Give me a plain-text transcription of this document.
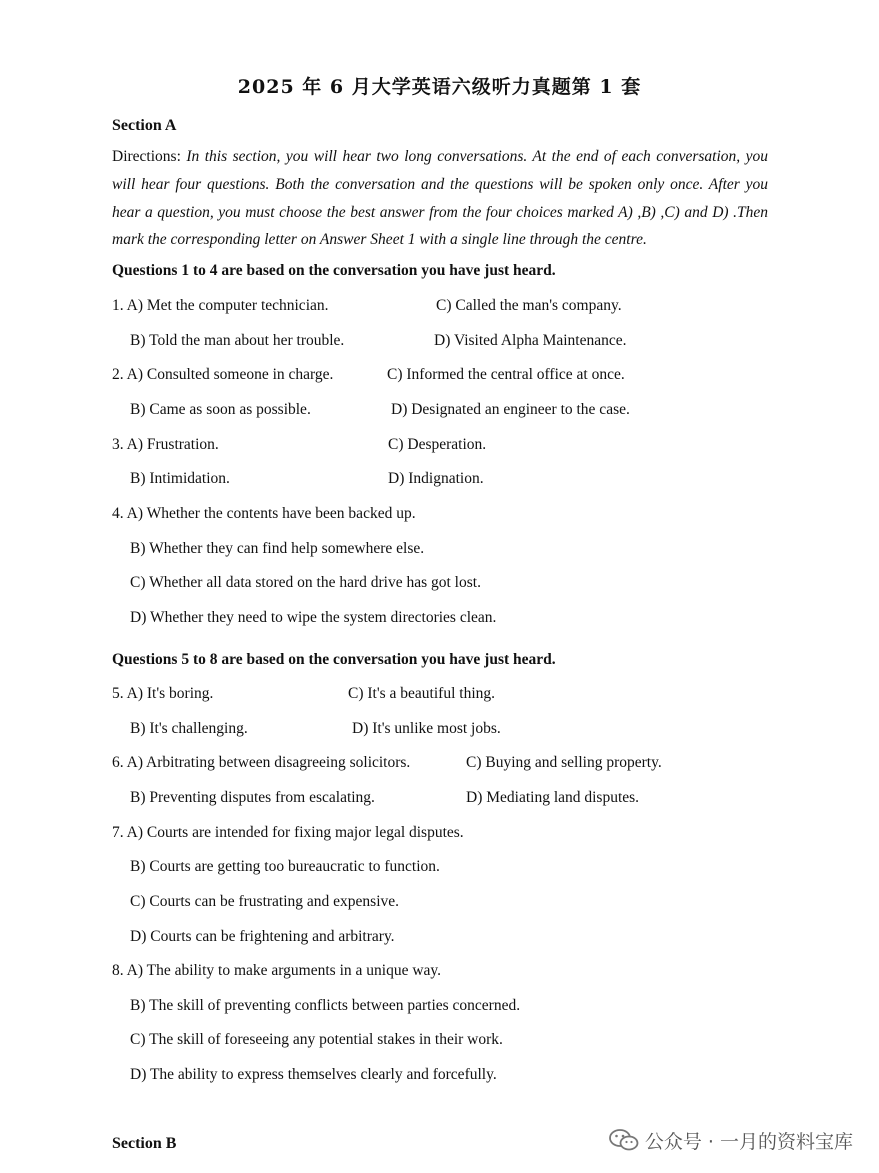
2025 年 6 月大学英语六级听力真题第 1 套
Section A
Directions: In this section, you will hear two long conversations. At the end of each conversation, you will hear four questions. Both the conversation and the questions will be spoken only once. After you hear a question, you must choose the best answer from the four choices marked A) ,B) ,C) and D) .Then mark the corresponding letter on Answer Sheet 1 with a single line through the centre.
Questions 1 to 4 are based on the conversation you have just heard.
1. A) Met the computer technician.	C) Called the man's company.
B) Told the man about her trouble.	D) Visited Alpha Maintenance.
2. A) Consulted someone in charge.	C) Informed the central office at once.
B) Came as soon as possible.	D) Designated an engineer to the case.
3. A) Frustration.	C) Desperation.
B) Intimidation.	D) Indignation.
4. A) Whether the contents have been backed up.
B) Whether they can find help somewhere else.
C) Whether all data stored on the hard drive has got lost.
D) Whether they need to wipe the system directories clean.
Questions 5 to 8 are based on the conversation you have just heard.
5. A) It's boring.	C) It's a beautiful thing.
B) It's challenging.	D) It's unlike most jobs.
6. A) Arbitrating between disagreeing solicitors.	C) Buying and selling property.
B) Preventing disputes from escalating.	D) Mediating land disputes.
7. A) Courts are intended for fixing major legal disputes.
B) Courts are getting too bureaucratic to function.
C) Courts can be frustrating and expensive.
D) Courts can be frightening and arbitrary.
8. A) The ability to make arguments in a unique way.
B) The skill of preventing conflicts between parties concerned.
C) The skill of foreseeing any potential stakes in their work.
D) The ability to express themselves clearly and forcefully.
Section B	公众号 · 一月的资料宝库
